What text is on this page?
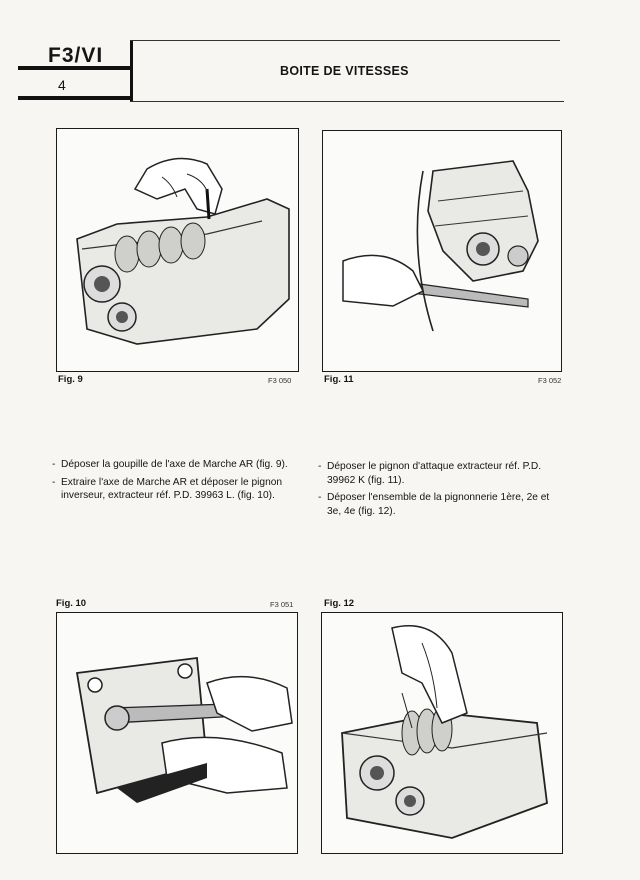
F3/VI
4
BOITE DE VITESSES
Fig. 9	F3 050	Fig. 11	F3 052
- Déposer la goupille de l'axe de Marche AR (fig. 9).
- Extraire l'axe de Marche AR et déposer le pignon inverseur, extracteur réf. P.D. 39963 L. (fig. 10).
- Déposer le pignon d'attaque extracteur réf. P.D. 39962 K (fig. 11).
- Déposer l'ensemble de la pignonnerie 1ère, 2e et 3e, 4e (fig. 12).
Fig. 10	F3 051	Fig. 12
